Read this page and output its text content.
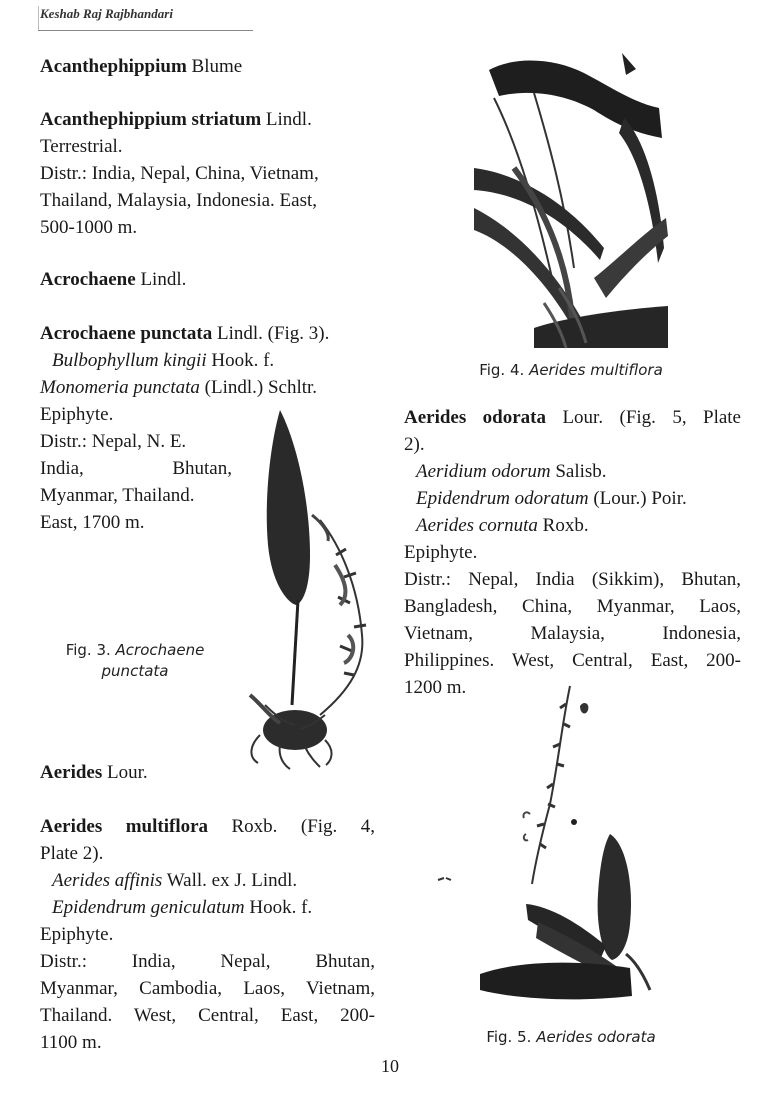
Keshab Raj Rajbhandari
Acanthephippium Blume
Acanthephippium striatum Lindl.
Terrestrial.
Distr.: India, Nepal, China, Vietnam,
Thailand, Malaysia, Indonesia. East,
500-1000 m.
Acrochaene Lindl.
Acrochaene punctata Lindl. (Fig. 3).
Bulbophyllum kingii Hook. f.
Monomeria punctata (Lindl.) Schltr.
Epiphyte.
Distr.: Nepal, N. E.
India, Bhutan,
Myanmar, Thailand.
East, 1700 m.
Fig. 3. Acrochaene
punctata
Aerides Lour.
Aerides multiflora Roxb. (Fig. 4,
Plate 2).
Aerides affinis Wall. ex J. Lindl.
Epidendrum geniculatum Hook. f.
Epiphyte.
Distr.: India, Nepal, Bhutan,
Myanmar, Cambodia, Laos, Vietnam,
Thailand. West, Central, East, 200-
1100 m.
Fig. 4. Aerides multiflora
Aerides odorata Lour. (Fig. 5, Plate
2).
Aeridium odorum Salisb.
Epidendrum odoratum (Lour.) Poir.
Aerides cornuta Roxb.
Epiphyte.
Distr.: Nepal, India (Sikkim), Bhutan,
Bangladesh, China, Myanmar, Laos,
Vietnam, Malaysia, Indonesia,
Philippines. West, Central, East, 200-
1200 m.
Fig. 5. Aerides odorata
10
